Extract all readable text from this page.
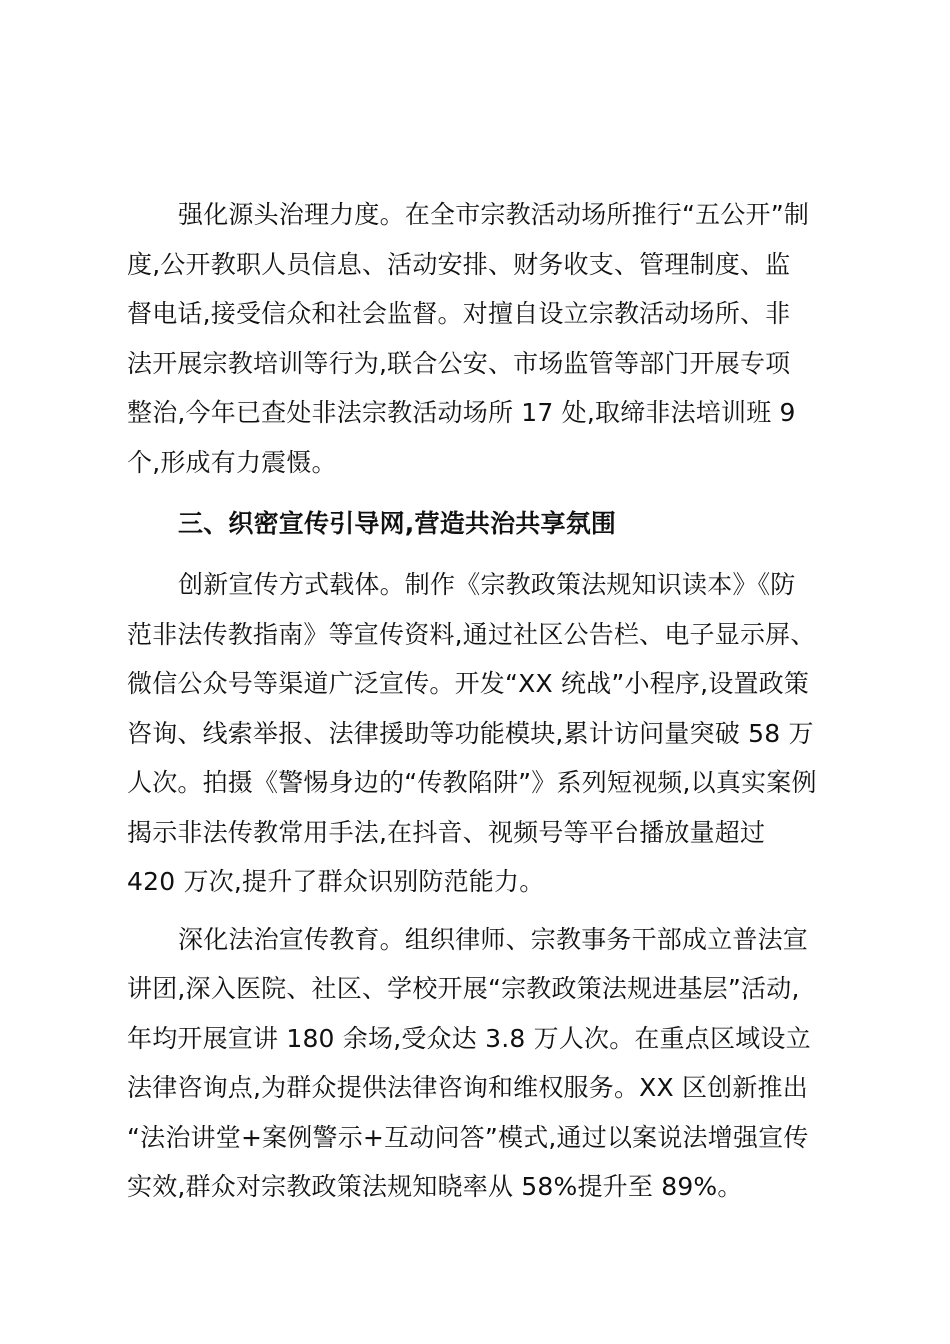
强化源头治理力度。在全市宗教活动场所推行“五公开”制
度,公开教职人员信息、活动安排、财务收支、管理制度、监
督电话,接受信众和社会监督。对擅自设立宗教活动场所、非
法开展宗教培训等行为,联合公安、市场监管等部门开展专项
整治,今年已查处非法宗教活动场所 17 处,取缔非法培训班 9
个,形成有力震慑。
三、织密宣传引导网,营造共治共享氛围
创新宣传方式载体。制作《宗教政策法规知识读本》《防
范非法传教指南》等宣传资料,通过社区公告栏、电子显示屏、
微信公众号等渠道广泛宣传。开发“XX 统战”小程序,设置政策
咨询、线索举报、法律援助等功能模块,累计访问量突破 58 万
人次。拍摄《警惕身边的“传教陷阱”》系列短视频,以真实案例
揭示非法传教常用手法,在抖音、视频号等平台播放量超过
420 万次,提升了群众识别防范能力。
深化法治宣传教育。组织律师、宗教事务干部成立普法宣
讲团,深入医院、社区、学校开展“宗教政策法规进基层”活动,
年均开展宣讲 180 余场,受众达 3.8 万人次。在重点区域设立
法律咨询点,为群众提供法律咨询和维权服务。XX 区创新推出
“法治讲堂+案例警示+互动问答”模式,通过以案说法增强宣传
实效,群众对宗教政策法规知晓率从 58%提升至 89%。
